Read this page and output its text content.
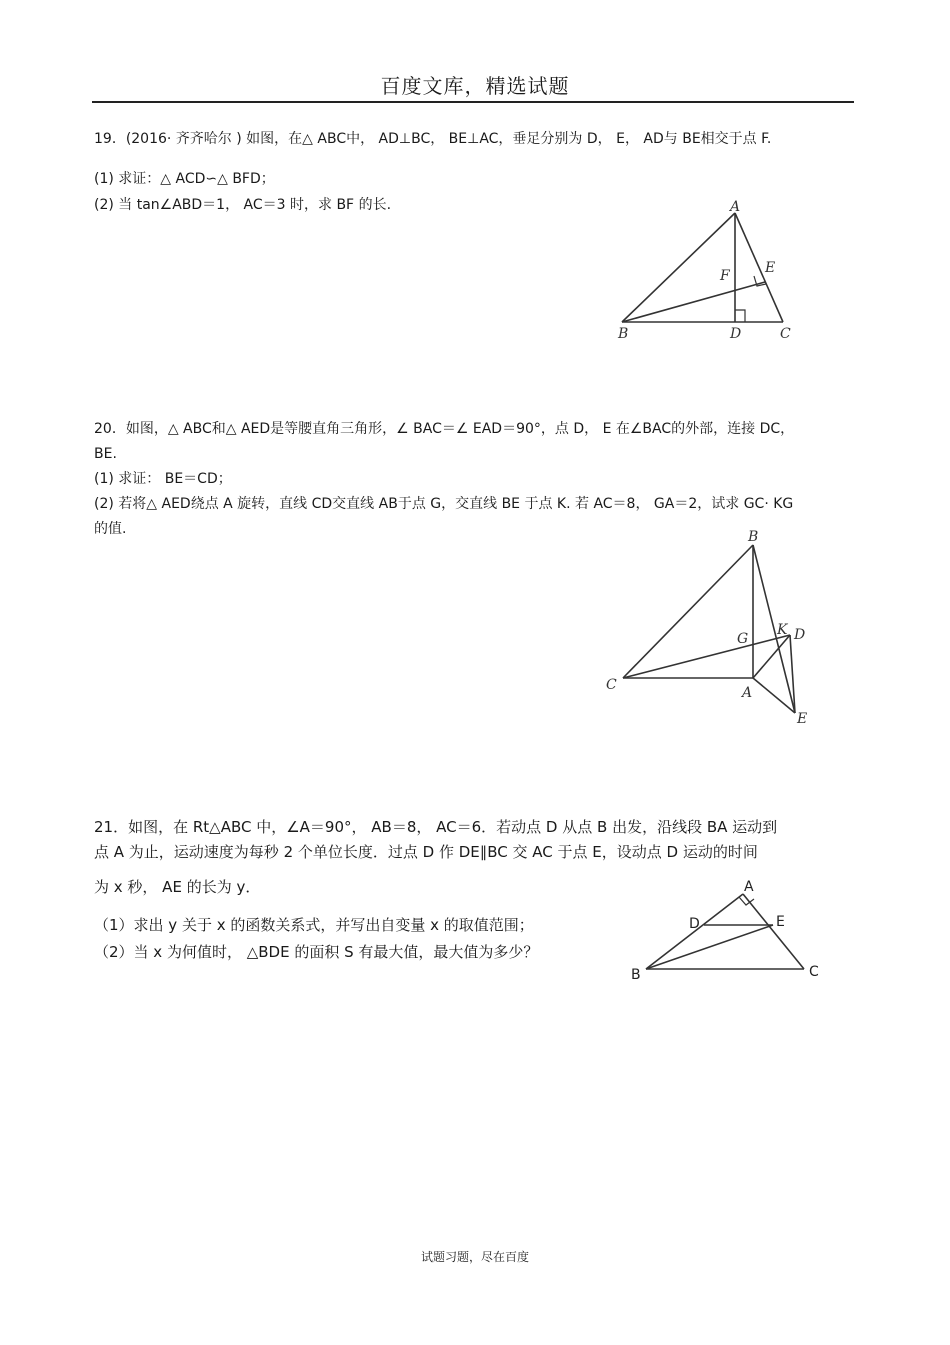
百度文库，精选试题
19．(2016· 齐齐哈尔 ) 如图，在△ ABC中， AD⊥BC， BE⊥AC，垂足分别为 D， E， AD与 BE相交于点 F.
(1) 求证：△ ACD∽△ BFD；
(2) 当 tan∠ABD＝1， AC＝3 时，求 BF 的长.	A
B	C
D
E
F
20．如图，△ ABC和△ AED是等腰直角三角形，∠ BAC＝∠ EAD＝90°，点 D， E 在∠BAC的外部，连接 DC，
BE.
(1) 求证： BE＝CD；
(2) 若将△ AED绕点 A 旋转，直线 CD交直线 AB于点 G，交直线 BE 于点 K. 若 AC＝8， GA＝2，试求 GC· KG
的值.	B
C	A
D
E
G
K
21．如图，在 Rt△ABC 中，∠A＝90°， AB＝8， AC＝6．若动点 D 从点 B 出发，沿线段 BA 运动到
点 A 为止，运动速度为每秒 2 个单位长度．过点 D 作 DE∥BC 交 AC 于点 E，设动点 D 运动的时间
为 x 秒， AE 的长为 y．
（1）求出 y 关于 x 的函数关系式，并写出自变量 x 的取值范围；
（2）当 x 为何值时， △BDE 的面积 S 有最大值，最大值为多少？
A
B	C
D	E
试题习题，尽在百度
